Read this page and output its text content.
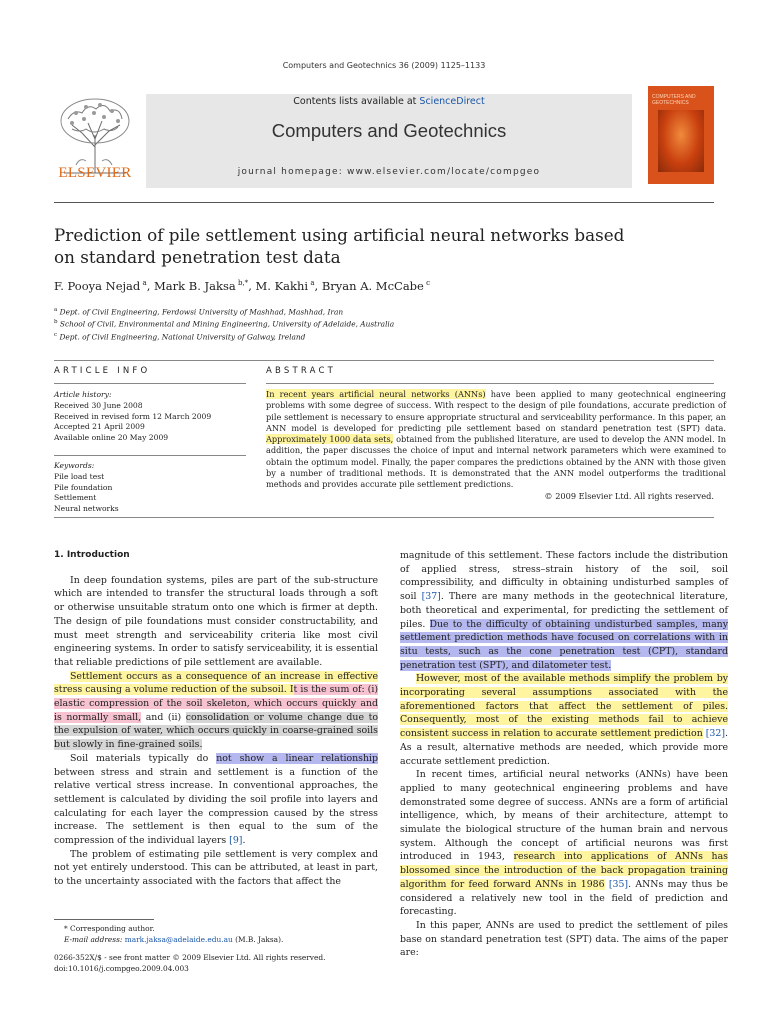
Computers and Geotechnics 36 (2009) 1125–1133
ELSEVIER
Contents lists available at ScienceDirect
Computers and Geotechnics
journal homepage: www.elsevier.com/locate/compgeo
COMPUTERS AND GEOTECHNICS
Prediction of pile settlement using artificial neural networks based
on standard penetration test data
F. Pooya Nejad $^a$, Mark B. Jaksa $^{b,*}$, M. Kakhi $^a$, Bryan A. McCabe $^c$
$^a$ Dept. of Civil Engineering, Ferdowsi University of Mashhad, Mashhad, Iran
$^b$ School of Civil, Environmental and Mining Engineering, University of Adelaide, Australia
$^c$ Dept. of Civil Engineering, National University of Galway, Ireland
ARTICLE INFO	ABSTRACT
Article history:
Received 30 June 2008
Received in revised form 12 March 2009
Accepted 21 April 2009
Available online 20 May 2009
Keywords:
Pile load test
Pile foundation
Settlement
Neural networks
In recent years artificial neural networks (ANNs) have been applied to many geotechnical engineering problems with some degree of success. With respect to the design of pile foundations, accurate prediction of pile settlement is necessary to ensure appropriate structural and serviceability performance. In this paper, an ANN model is developed for predicting pile settlement based on standard penetration test (SPT) data. Approximately 1000 data sets, obtained from the published literature, are used to develop the ANN model. In addition, the paper discusses the choice of input and internal network parameters which were examined to obtain the optimum model. Finally, the paper compares the predictions obtained by the ANN with those given by a number of traditional methods. It is demonstrated that the ANN model outperforms the traditional methods and provides accurate pile settlement predictions.
© 2009 Elsevier Ltd. All rights reserved.

1. Introduction

In deep foundation systems, piles are part of the sub-structure which are intended to transfer the structural loads through a soft or otherwise unsuitable stratum onto one which is firmer at depth. The design of pile foundations must consider constructability, and must meet strength and serviceability criteria like most civil engineering systems. In order to satisfy serviceability, it is essential that reliable predictions of pile settlement are available.

Settlement occurs as a consequence of an increase in effective stress causing a volume reduction of the subsoil. It is the sum of: (i) elastic compression of the soil skeleton, which occurs quickly and is normally small, and (ii) consolidation or volume change due to the expulsion of water, which occurs quickly in coarse-grained soils but slowly in fine-grained soils.

Soil materials typically do not show a linear relationship between stress and strain and settlement is a function of the relative vertical stress increase. In conventional approaches, the settlement is calculated by dividing the soil profile into layers and calculating for each layer the compression caused by the stress increase. The settlement is then equal to the sum of the compression of the individual layers [9].

The problem of estimating pile settlement is very complex and not yet entirely understood. This can be attributed, at least in part, to the uncertainty associated with the factors that affect the

magnitude of this settlement. These factors include the distribution of applied stress, stress–strain history of the soil, soil compressibility, and difficulty in obtaining undisturbed samples of soil [37]. There are many methods in the geotechnical literature, both theoretical and experimental, for predicting the settlement of piles. Due to the difficulty of obtaining undisturbed samples, many settlement prediction methods have focused on correlations with in situ tests, such as the cone penetration test (CPT), standard penetration test (SPT), and dilatometer test.

However, most of the available methods simplify the problem by incorporating several assumptions associated with the aforementioned factors that affect the settlement of piles. Consequently, most of the existing methods fail to achieve consistent success in relation to accurate settlement prediction [32]. As a result, alternative methods are needed, which provide more accurate settlement prediction.

In recent times, artificial neural networks (ANNs) have been applied to many geotechnical engineering problems and have demonstrated some degree of success. ANNs are a form of artificial intelligence, which, by means of their architecture, attempt to simulate the biological structure of the human brain and nervous system. Although the concept of artificial neurons was first introduced in 1943, research into applications of ANNs has blossomed since the introduction of the back propagation training algorithm for feed forward ANNs in 1986 [35]. ANNs may thus be considered a relatively new tool in the field of prediction and forecasting.

In this paper, ANNs are used to predict the settlement of piles base on standard penetration test (SPT) data. The aims of the paper are:

* Corresponding author.
E-mail address: mark.jaksa@adelaide.edu.au (M.B. Jaksa).
0266-352X/$ - see front matter © 2009 Elsevier Ltd. All rights reserved.
doi:10.1016/j.compgeo.2009.04.003
